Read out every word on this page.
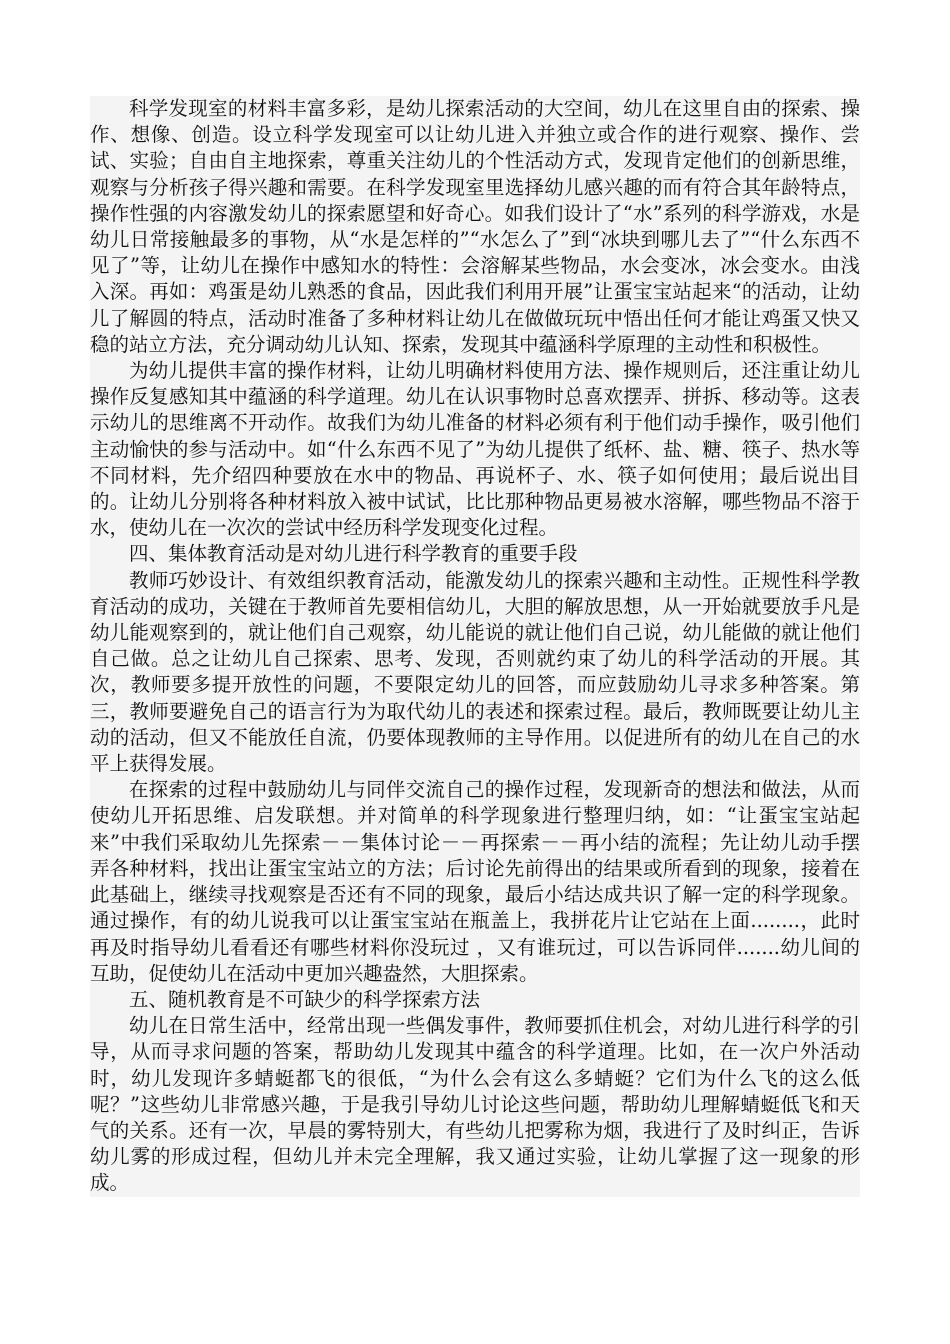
科学发现室的材料丰富多彩，是幼儿探索活动的大空间，幼儿在这里自由的探索、操作、想像、创造。设立科学发现室可以让幼儿进入并独立或合作的进行观察、操作、尝试、实验；自由自主地探索，尊重关注幼儿的个性活动方式，发现肯定他们的创新思维，观察与分析孩子得兴趣和需要。在科学发现室里选择幼儿感兴趣的而有符合其年龄特点，操作性强的内容激发幼儿的探索愿望和好奇心。如我们设计了“水”系列的科学游戏，水是幼儿日常接触最多的事物，从“水是怎样的”“水怎么了”到“冰块到哪儿去了”“什么东西不见了”等，让幼儿在操作中感知水的特性：会溶解某些物品，水会变冰，冰会变水。由浅入深。再如：鸡蛋是幼儿熟悉的食品，因此我们利用开展”让蛋宝宝站起来“的活动，让幼儿了解圆的特点，活动时准备了多种材料让幼儿在做做玩玩中悟出任何才能让鸡蛋又快又稳的站立方法，充分调动幼儿认知、探索，发现其中蕴涵科学原理的主动性和积极性。

为幼儿提供丰富的操作材料，让幼儿明确材料使用方法、操作规则后，还注重让幼儿操作反复感知其中蕴涵的科学道理。幼儿在认识事物时总喜欢摆弄、拼拆、移动等。这表示幼儿的思维离不开动作。故我们为幼儿准备的材料必须有利于他们动手操作，吸引他们主动愉快的参与活动中。如“什么东西不见了”为幼儿提供了纸杯、盐、糖、筷子、热水等不同材料，先介绍四种要放在水中的物品、再说杯子、水、筷子如何使用；最后说出目的。让幼儿分别将各种材料放入被中试试，比比那种物品更易被水溶解，哪些物品不溶于水，使幼儿在一次次的尝试中经历科学发现变化过程。

四、集体教育活动是对幼儿进行科学教育的重要手段

教师巧妙设计、有效组织教育活动，能激发幼儿的探索兴趣和主动性。正规性科学教育活动的成功，关键在于教师首先要相信幼儿，大胆的解放思想，从一开始就要放手凡是幼儿能观察到的，就让他们自己观察，幼儿能说的就让他们自己说，幼儿能做的就让他们自己做。总之让幼儿自己探索、思考、发现，否则就约束了幼儿的科学活动的开展。其次，教师要多提开放性的问题，不要限定幼儿的回答，而应鼓励幼儿寻求多种答案。第三，教师要避免自己的语言行为为取代幼儿的表述和探索过程。最后，教师既要让幼儿主动的活动，但又不能放任自流，仍要体现教师的主导作用。以促进所有的幼儿在自己的水平上获得发展。

在探索的过程中鼓励幼儿与同伴交流自己的操作过程，发现新奇的想法和做法，从而使幼儿开拓思维、启发联想。并对简单的科学现象进行整理归纳，如：“让蛋宝宝站起来”中我们采取幼儿先探索－－集体讨论－－再探索－－再小结的流程；先让幼儿动手摆弄各种材料，找出让蛋宝宝站立的方法；后讨论先前得出的结果或所看到的现象，接着在此基础上，继续寻找观察是否还有不同的现象，最后小结达成共识了解一定的科学现象。通过操作，有的幼儿说我可以让蛋宝宝站在瓶盖上，我拼花片让它站在上面........，此时再及时指导幼儿看看还有哪些材料你没玩过 ，又有谁玩过，可以告诉同伴.......幼儿间的互助，促使幼儿在活动中更加兴趣盎然，大胆探索。

五、随机教育是不可缺少的科学探索方法

幼儿在日常生活中，经常出现一些偶发事件，教师要抓住机会，对幼儿进行科学的引导，从而寻求问题的答案，帮助幼儿发现其中蕴含的科学道理。比如，在一次户外活动时，幼儿发现许多蜻蜓都飞的很低，“为什么会有这么多蜻蜓？它们为什么飞的这么低呢？”这些幼儿非常感兴趣，于是我引导幼儿讨论这些问题，帮助幼儿理解蜻蜓低飞和天气的关系。还有一次，早晨的雾特别大，有些幼儿把雾称为烟，我进行了及时纠正，告诉幼儿雾的形成过程，但幼儿并未完全理解，我又通过实验，让幼儿掌握了这一现象的形成。
